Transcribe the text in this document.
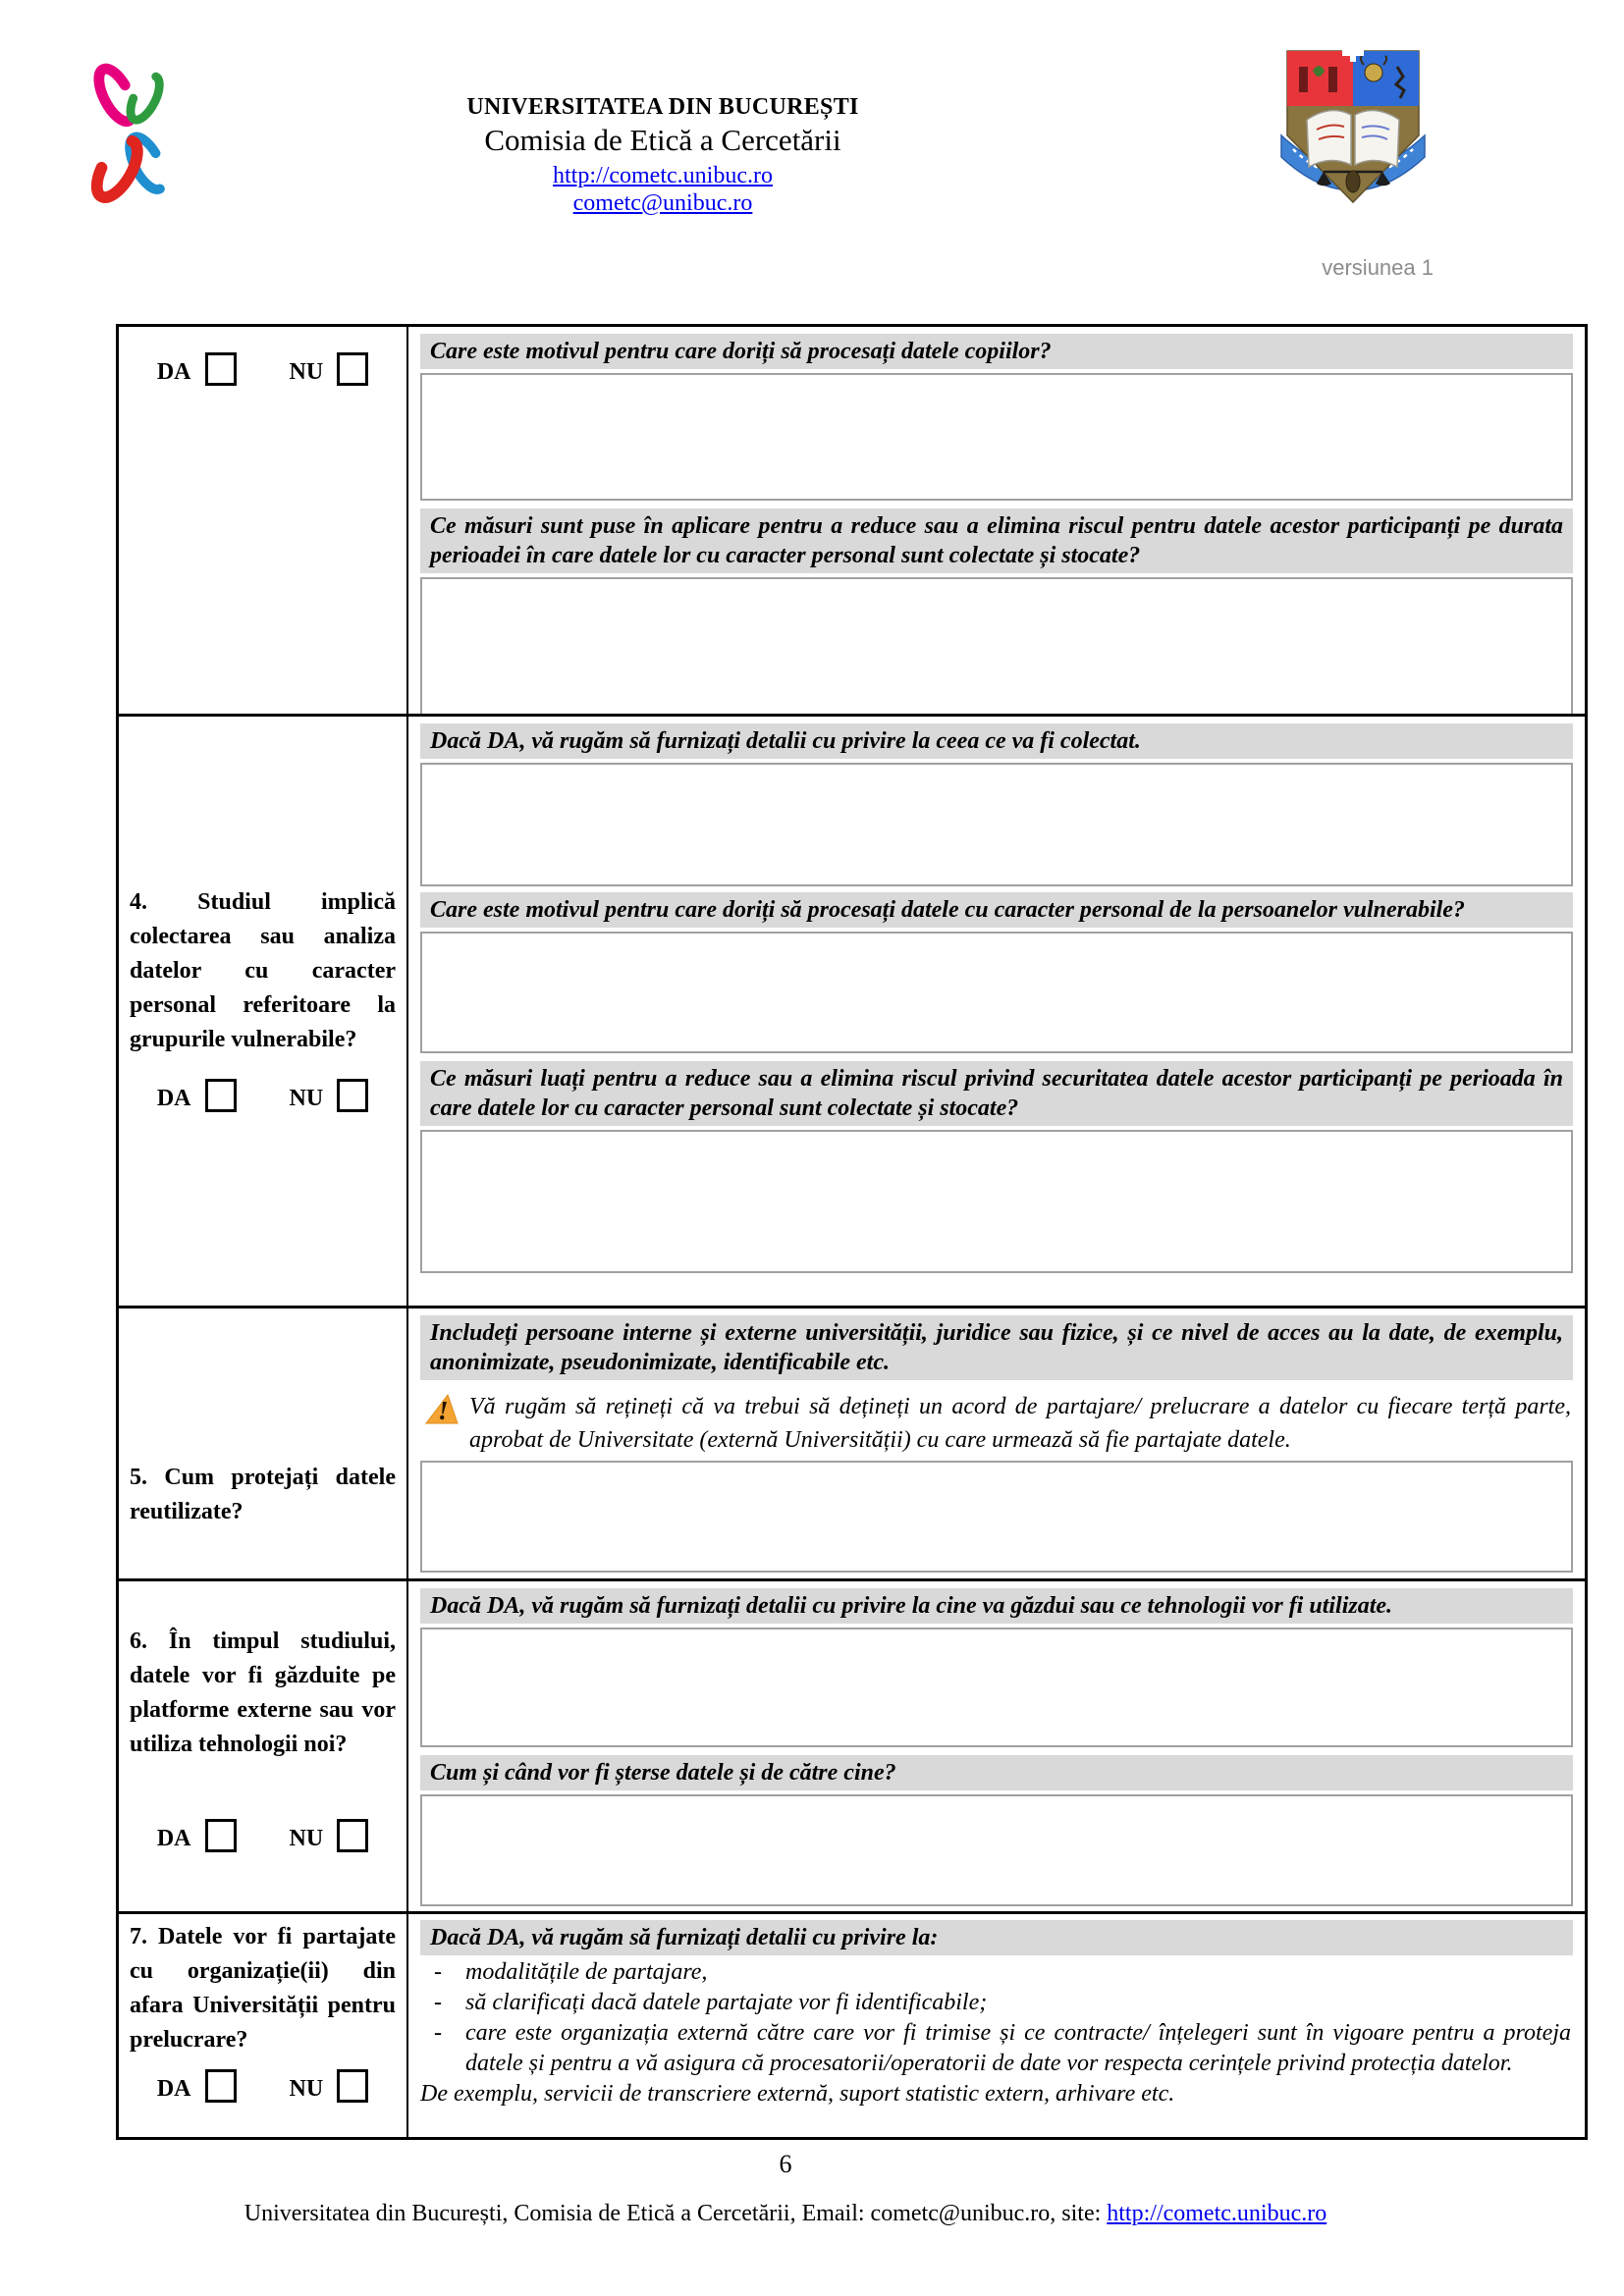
UNIVERSITATEA DIN BUCUREȘTI
Comisia de Etică a Cercetării
http://cometc.unibuc.ro
cometc@unibuc.ro
versiunea 1
DA	NU
Care este motivul pentru care doriți să procesați datele copiilor?
Ce măsuri sunt puse în aplicare pentru a reduce sau a elimina riscul pentru datele acestor participanți pe durata perioadei în care datele lor cu caracter personal sunt colectate și stocate?
4. Studiul implică colectarea sau analiza datelor cu caracter personal referitoare la grupurile vulnerabile?
DA	NU
Dacă DA, vă rugăm să furnizați detalii cu privire la ceea ce va fi colectat.
Care este motivul pentru care doriți să procesați datele cu caracter personal de la persoanelor vulnerabile?
Ce măsuri luați pentru a reduce sau a elimina riscul privind securitatea datele acestor participanți pe perioada în care datele lor cu caracter personal sunt colectate și stocate?
5. Cum protejați datele reutilizate?
Includeți persoane interne și externe universității, juridice sau fizice, și ce nivel de acces au la date, de exemplu, anonimizate, pseudonimizate, identificabile etc.
! Vă rugăm să rețineți că va trebui să dețineți un acord de partajare/ prelucrare a datelor cu fiecare terță parte, aprobat de Universitate (externă Universității) cu care urmează să fie partajate datele.
6. În timpul studiului, datele vor fi găzduite pe platforme externe sau vor utiliza tehnologii noi?
DA	NU
Dacă DA, vă rugăm să furnizați detalii cu privire la cine va găzdui sau ce tehnologii vor fi utilizate.
Cum și când vor fi șterse datele și de către cine?
7. Datele vor fi partajate cu organizație(ii) din afara Universității pentru prelucrare?
DA	NU
Dacă DA, vă rugăm să furnizați detalii cu privire la:
-	modalitățile de partajare,
-	să clarificați dacă datele partajate vor fi identificabile;
-	care este organizația externă către care vor fi trimise și ce contracte/ înțelegeri sunt în vigoare pentru a proteja datele și pentru a vă asigura că procesatorii/operatorii de date vor respecta cerințele privind protecția datelor.
De exemplu, servicii de transcriere externă, suport statistic extern, arhivare etc.
6
Universitatea din București, Comisia de Etică a Cercetării, Email: cometc@unibuc.ro, site: http://cometc.unibuc.ro
